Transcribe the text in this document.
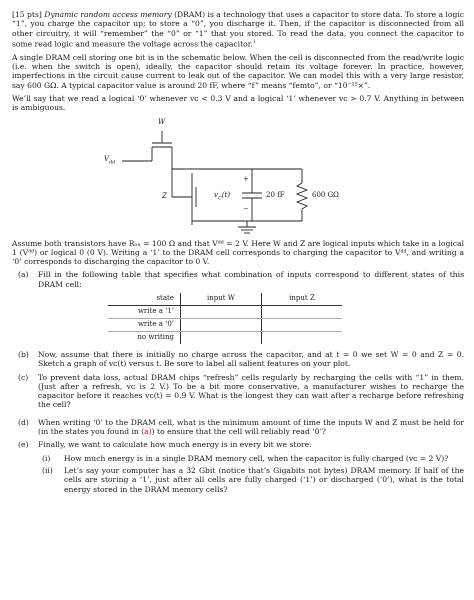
[15 pts] Dynamic random access memory (DRAM) is a technology that uses a capacitor to store data. To store a logic “1”, you charge the capacitor up; to store a “0”, you discharge it. Then, if the capacitor is disconnected from all other circuitry, it will “remember” the “0” or “1” that you stored. To read the data, you connect the capacitor to some read logic and measure the voltage across the capacitor.$^1$

A single DRAM cell storing one bit is in the schematic below. When the cell is disconnected from the read/write logic (i.e. when the switch is open), ideally, the capacitor should retain its voltage forever. In practice, however, imperfections in the circuit cause current to leak out of the capacitor. We can model this with a very large resistor, say 600 GΩ. A typical capacitor value is around 20 fF, where “f” means “femto”, or “10⁻¹⁵×”.

We’ll say that we read a logical ‘0’ whenever vᴄ < 0.3 V and a logical ‘1’ whenever vᴄ > 0.7 V. Anything in between is ambiguous.

W
$V_{dd}$
Z
+
−
$v_C(t)$	20 fF	600 GΩ

Assume both transistors have Rₒₙ = 100 Ω and that Vᵈᵈ = 2 V. Here W and Z are logical inputs which take in a logical 1 (Vᵈᵈ) or logical 0 (0 V). Writing a ‘1’ to the DRAM cell corresponds to charging the capacitor to Vᵈᵈ, and writing a ‘0’ corresponds to discharging the capacitor to 0 V.

(a) Fill in the following table that specifies what combination of inputs correspond to different states of this DRAM cell:
state	input W	input Z
write a ‘1’		
write a ‘0’		
no writing		
(b) Now, assume that there is initially no charge across the capacitor, and at t = 0 we set W = 0 and Z = 0. Sketch a graph of vᴄ(t) versus t. Be sure to label all salient features on your plot.
(c) To prevent data loss, actual DRAM chips “refresh” cells regularly by recharging the cells with “1” in them. (Just after a refresh, vᴄ is 2 V.) To be a bit more conservative, a manufacturer wishes to recharge the capacitor before it reaches vᴄ(t) = 0.9 V. What is the longest they can wait after a recharge before refreshing the cell?
(d) When writing ‘0’ to the DRAM cell, what is the minimum amount of time the inputs W and Z must be held for (in the states you found in (a)) to ensure that the cell will reliably read ‘0’?
(e) Finally, we want to calculate how much energy is in every bit we store:
(i) How much energy is in a single DRAM memory cell, when the capacitor is fully charged (vᴄ = 2 V)?
(ii) Let’s say your computer has a 32 Gbit (notice that’s Gigabits not bytes) DRAM memory. If half of the cells are storing a ‘1’, just after all cells are fully charged (‘1’) or discharged (‘0’), what is the total energy stored in the DRAM memory cells?
